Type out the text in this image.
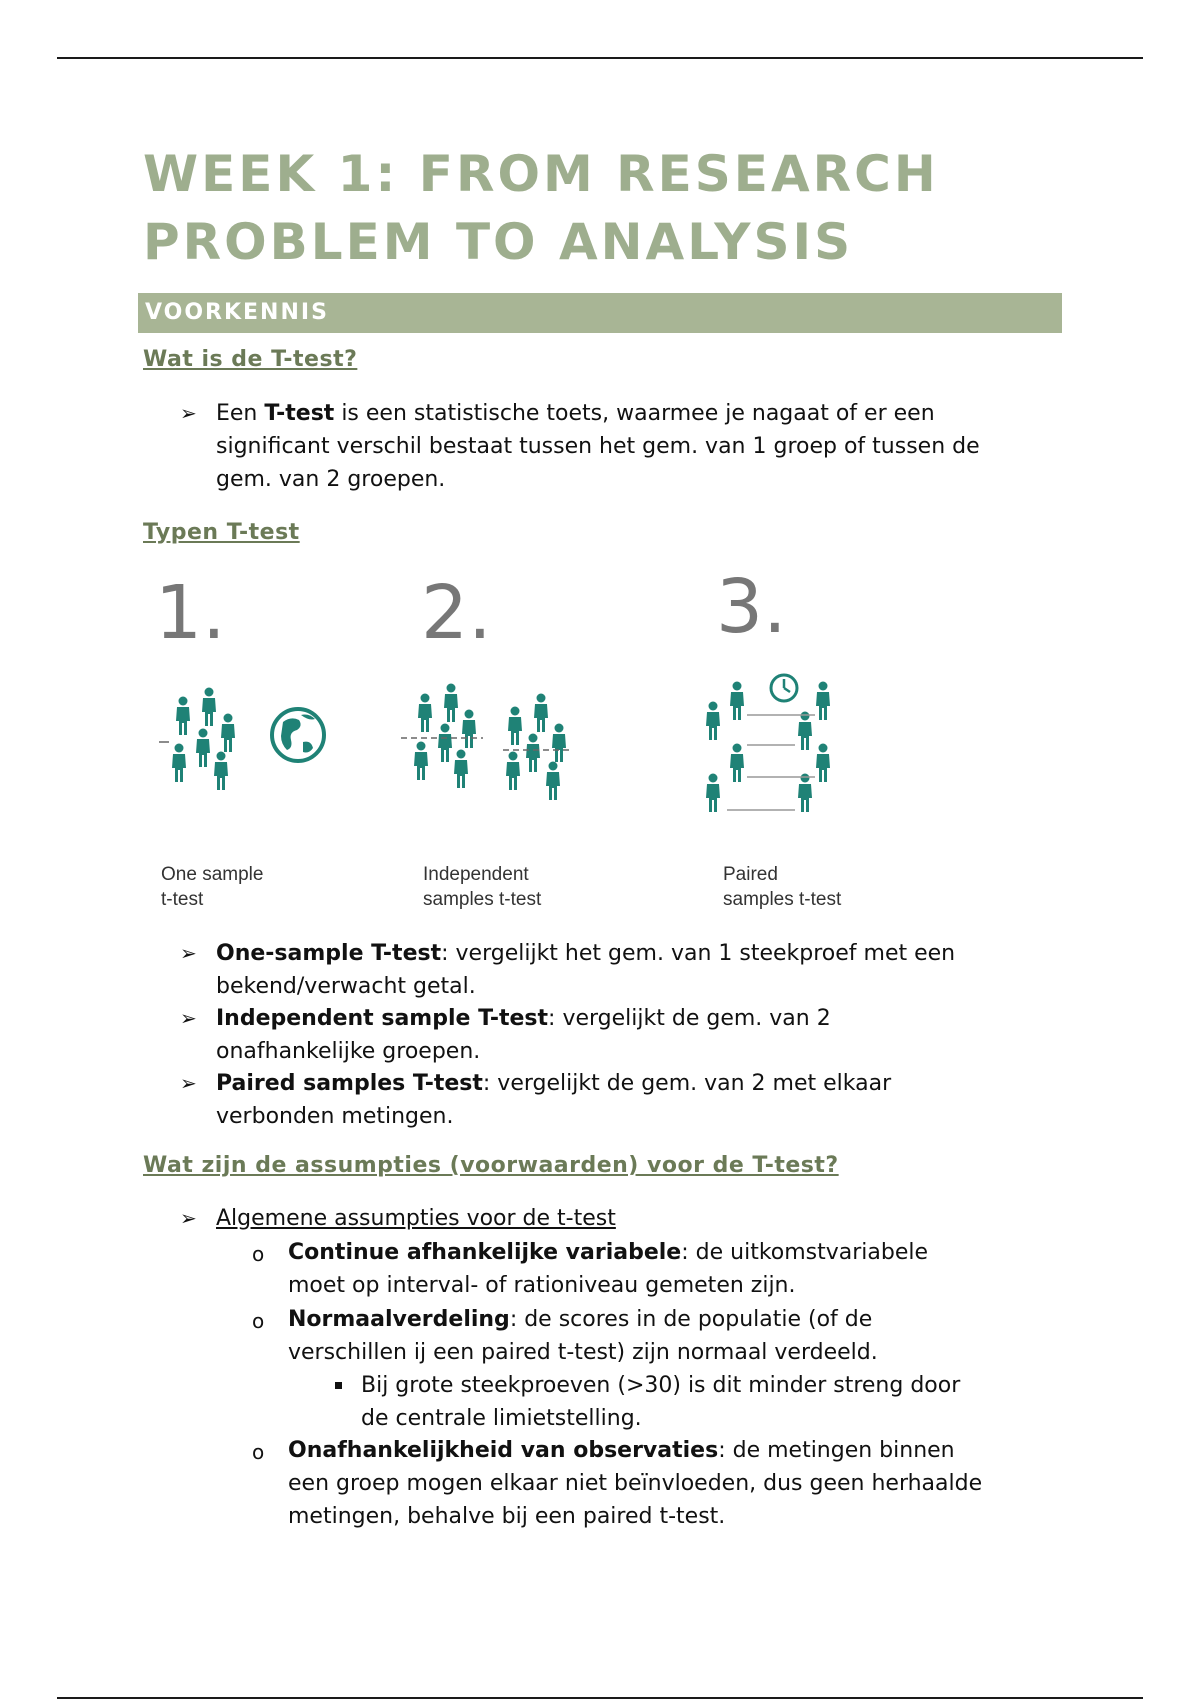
WEEK 1: FROM RESEARCH
PROBLEM TO ANALYSIS
VOORKENNIS
Wat is de T-test?
➢ Een T-test is een statistische toets, waarmee je nagaat of er een
significant verschil bestaat tussen het gem. van 1 groep of tussen de
gem. van 2 groepen.
Typen T-test
1.	2.	3.
One sample
t-test
Independent
samples t-test
Paired
samples t-test
➢ One-sample T-test: vergelijkt het gem. van 1 steekproef met een
bekend/verwacht getal.
➢ Independent sample T-test: vergelijkt de gem. van 2
onafhankelijke groepen.
➢ Paired samples T-test: vergelijkt de gem. van 2 met elkaar
verbonden metingen.
Wat zijn de assumpties (voorwaarden) voor de T-test?
➢ Algemene assumpties voor de t-test
o Continue afhankelijke variabele: de uitkomstvariabele
moet op interval- of rationiveau gemeten zijn.
o Normaalverdeling: de scores in de populatie (of de
verschillen ij een paired t-test) zijn normaal verdeeld.
Bij grote steekproeven (>30) is dit minder streng door
de centrale limietstelling.
o Onafhankelijkheid van observaties: de metingen binnen
een groep mogen elkaar niet beïnvloeden, dus geen herhaalde
metingen, behalve bij een paired t-test.
